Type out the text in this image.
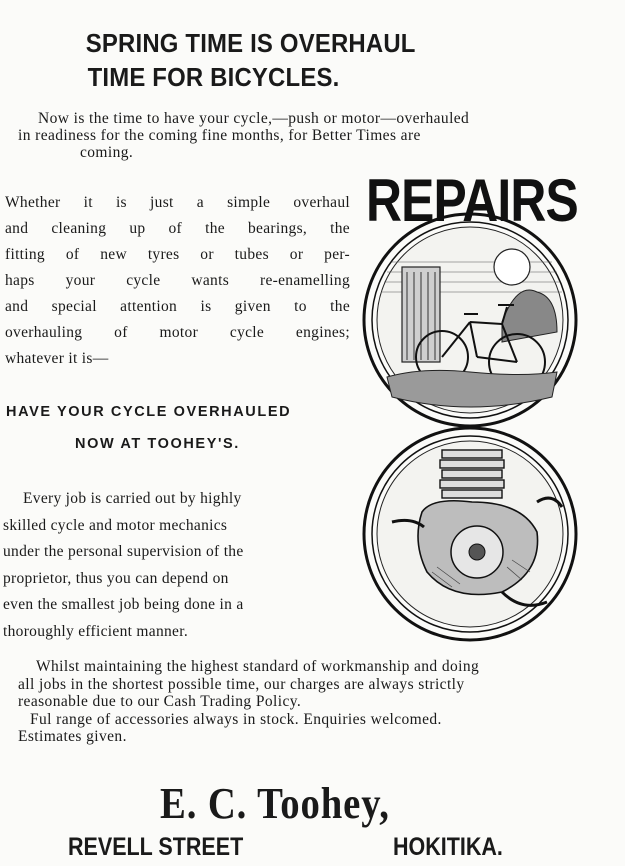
SPRING TIME IS OVERHAUL
TIME FOR BICYCLES.
Now is the time to have your cycle,—push or motor—overhauled
in readiness for the coming fine months, for Better Times are
coming.
Whether it is just a simple overhaul
and cleaning up of the bearings, the
fitting of new tyres or tubes or per-
haps your cycle wants re-enamelling
and special attention is given to the
overhauling of motor cycle engines;
whatever it is—
HAVE YOUR CYCLE OVERHAULED
NOW AT TOOHEY'S.
Every job is carried out by highly
skilled cycle and motor mechanics
under the personal supervision of the
proprietor, thus you can depend on
even the smallest job being done in a
thoroughly efficient manner.
REPAIRS
Whilst maintaining the highest standard of workmanship and doing
all jobs in the shortest possible time, our charges are always strictly
reasonable due to our Cash Trading Policy.
Ful range of accessories always in stock. Enquiries welcomed.
Estimates given.
E. C. Toohey,
REVELL STREET	HOKITIKA.
